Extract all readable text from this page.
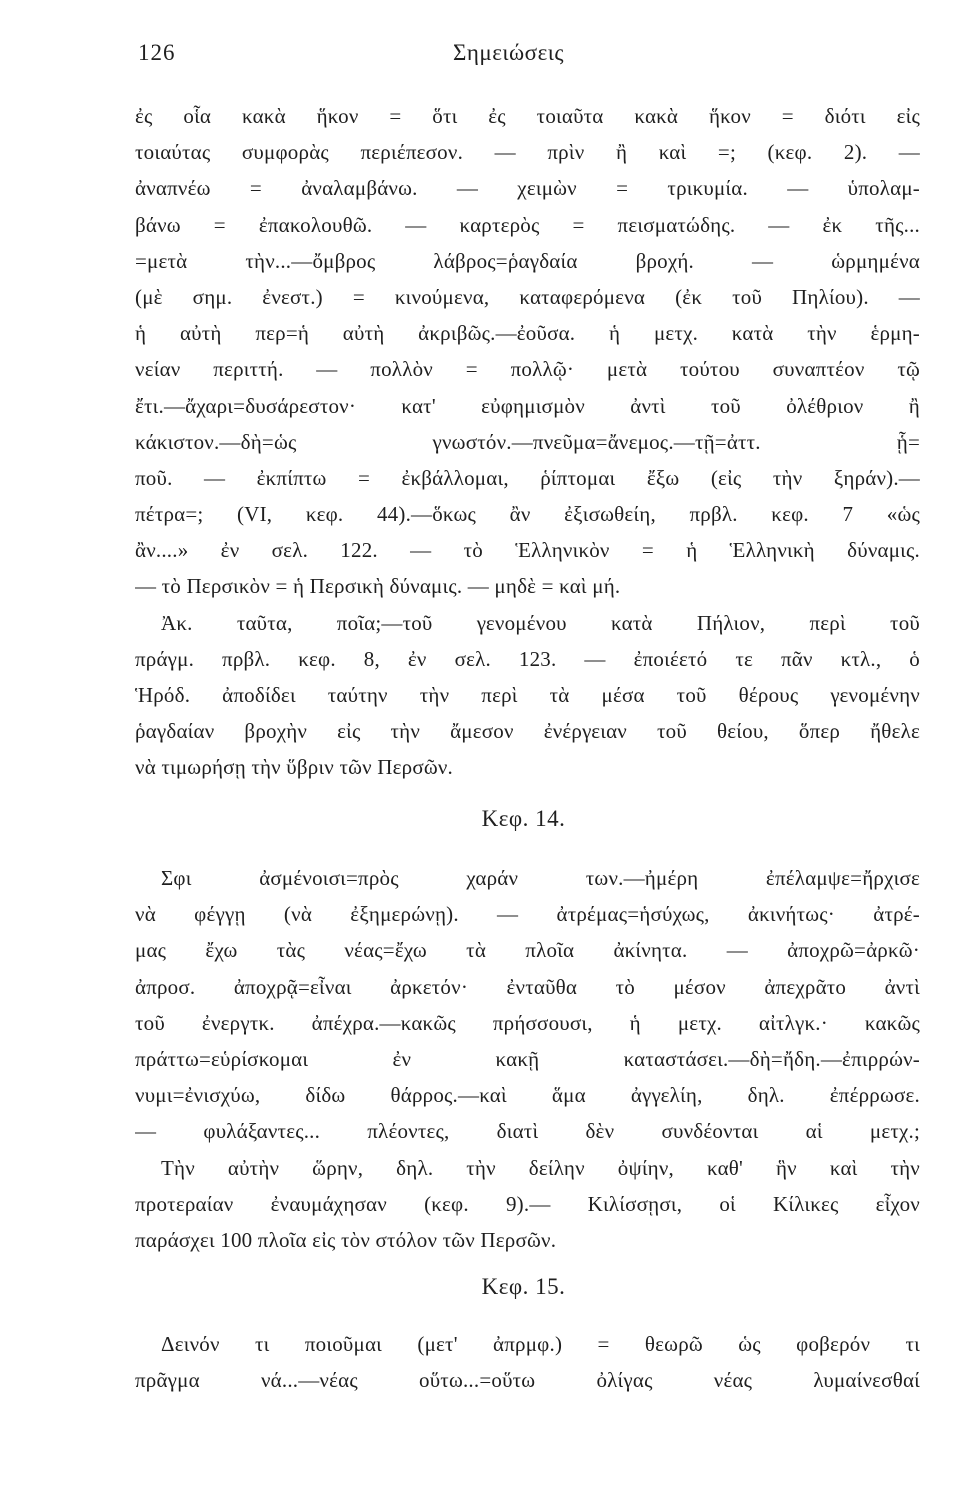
126	Σημειώσεις
ἐς οἷα κακὰ ἥκον = ὅτι ἐς τοιαῦτα κακὰ ἥκον = διότι εἰς
τοιαύτας συμφορὰς περιέπεσον. — πρὶν ἢ καὶ =; (κεφ. 2). —
ἀναπνέω = ἀναλαμβάνω. — χειμὼν = τρικυμία. — ὑπολαμ-
βάνω = ἐπακολουθῶ. — καρτερὸς = πεισματώδης. — ἐκ τῆς...
=μετὰ τὴν...—ὄμβρος λάβρος=ῥαγδαία βροχή. — ὡρμημένα
(μὲ σημ. ἐνεστ.) = κινούμενα, καταφερόμενα (ἐκ τοῦ Πηλίου). —
ἡ αὐτὴ περ=ἡ αὐτὴ ἀκριβῶς.—ἐοῦσα. ἡ μετχ. κατὰ τὴν ἑρμη-
νείαν περιττή. — πολλὸν = πολλῷ· μετὰ τούτου συναπτέον τῷ
ἔτι.—ἄχαρι=δυσάρεστον· κατ' εὐφημισμὸν ἀντὶ τοῦ ὀλέθριον ἢ
κάκιστον.—δὴ=ὡς γνωστόν.—πνεῦμα=ἄνεμος.—τῇ=ἀττ. ᾗ=
ποῦ. — ἐκπίπτω = ἐκβάλλομαι, ῥίπτομαι ἔξω (εἰς τὴν ξηράν).—
πέτρα=; (VI, κεφ. 44).—ὅκως ἂν ἐξισωθείη, πρβλ. κεφ. 7 «ὡς
ἂν....» ἐν σελ. 122. — τὸ Ἑλληνικὸν = ἡ Ἑλληνικὴ δύναμις.
— τὸ Περσικὸν = ἡ Περσικὴ δύναμις. — μηδὲ = καὶ μή.
Ἀκ. ταῦτα, ποῖα;—τοῦ γενομένου κατὰ Πήλιον, περὶ τοῦ
πράγμ. πρβλ. κεφ. 8, ἐν σελ. 123. — ἐποιέετό τε πᾶν κτλ., ὁ
Ἡρόδ. ἀποδίδει ταύτην τὴν περὶ τὰ μέσα τοῦ θέρους γενομένην
ῥαγδαίαν βροχὴν εἰς τὴν ἄμεσον ἐνέργειαν τοῦ θείου, ὅπερ ἤθελε
νὰ τιμωρήσῃ τὴν ὕβριν τῶν Περσῶν.
Κεφ. 14.
Σφι ἀσμένοισι=πρὸς χαράν των.—ἠμέρη ἐπέλαμψε=ἤρχισε
νὰ φέγγῃ (νὰ ἐξημερώνῃ). — ἀτρέμας=ἡσύχως, ἀκινήτως· ἀτρέ-
μας ἔχω τὰς νέας=ἔχω τὰ πλοῖα ἀκίνητα. — ἀποχρῶ=ἀρκῶ·
ἀπροσ. ἀποχρᾷ=εἶναι ἀρκετόν· ἐνταῦθα τὸ μέσον ἀπεχρᾶτο ἀντὶ
τοῦ ἐνεργτκ. ἀπέχρα.—κακῶς πρήσσουσι, ἡ μετχ. αἰτλγκ.· κακῶς
πράττω=εὑρίσκομαι ἐν κακῇ καταστάσει.—δὴ=ἤδη.—ἐπιρρών-
νυμι=ἐνισχύω, δίδω θάρρος.—καὶ ἅμα ἀγγελίη, δηλ. ἐπέρρωσε.
— φυλάξαντες... πλέοντες, διατὶ δὲν συνδέονται αἱ μετχ.;
Τὴν αὐτὴν ὥρην, δηλ. τὴν δείλην ὀψίην, καθ' ἣν καὶ τὴν
προτεραίαν ἐναυμάχησαν (κεφ. 9).— Κιλίσσῃσι, οἱ Κίλικες εἶχον
παράσχει 100 πλοῖα εἰς τὸν στόλον τῶν Περσῶν.
Κεφ. 15.
Δεινόν τι ποιοῦμαι (μετ' ἀπρμφ.) = θεωρῶ ὡς φοβερόν τι
πρᾶγμα νά...—νέας οὕτω...=οὕτω ὀλίγας νέας λυμαίνεσθαί
